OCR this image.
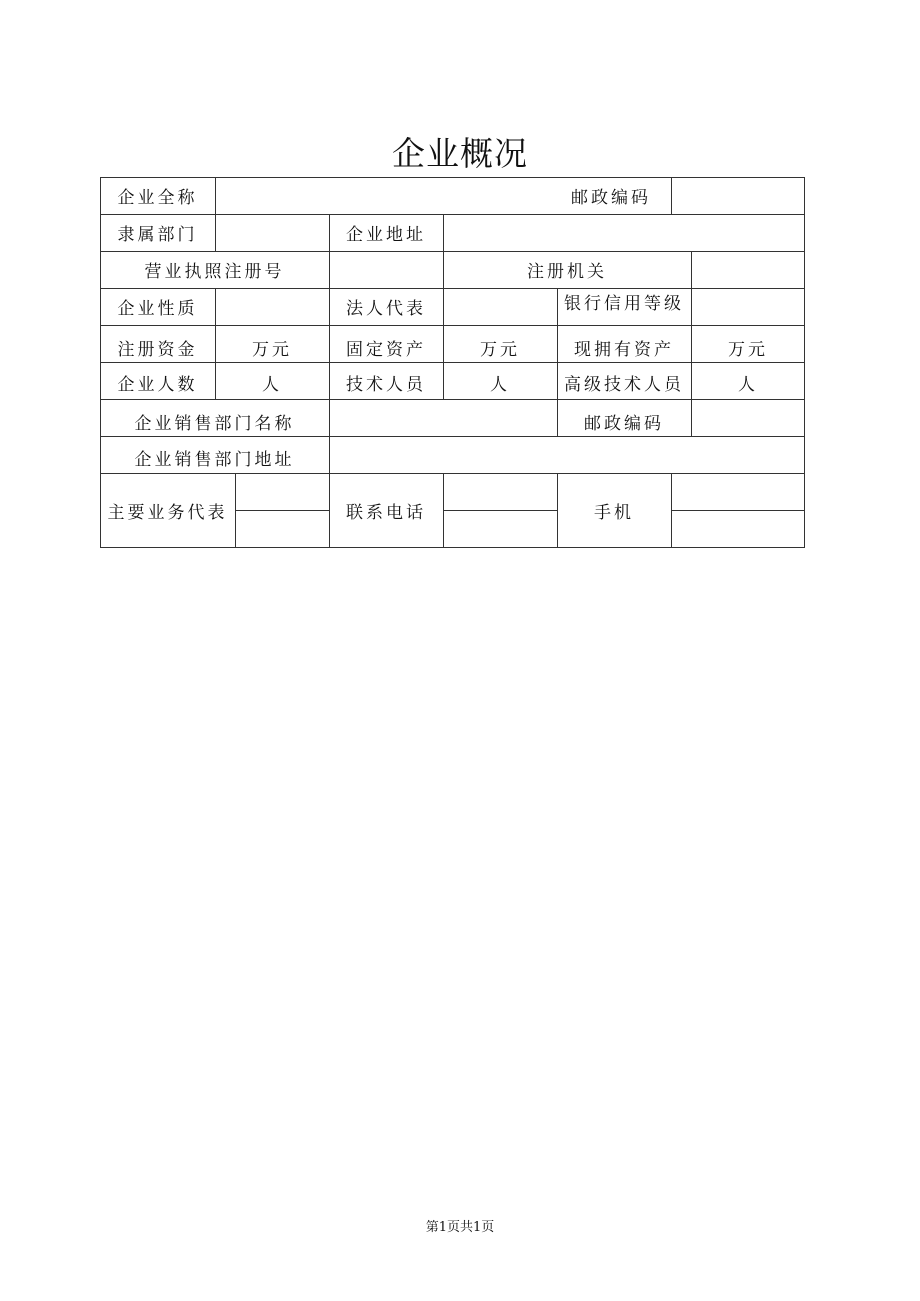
企业概况
企业全称	邮政编码
隶属部门	企业地址
营业执照注册号	注册机关
企业性质	法人代表	银行信用等级
注册资金	万元	固定资产	万元	现拥有资产	万元
企业人数	人	技术人员	人	高级技术人员	人
企业销售部门名称	邮政编码
企业销售部门地址
主要业务代表	联系电话	手机
第1页共1页
